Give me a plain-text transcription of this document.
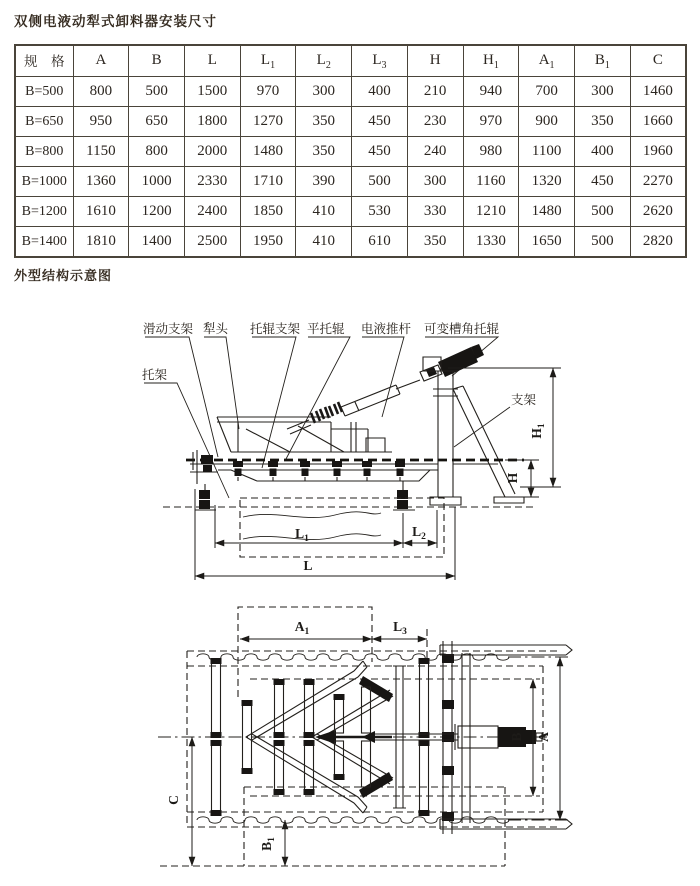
双侧电液动犁式卸料器安装尺寸
规　格	A	B	L	$L_1$	$L_2$	$L_3$	H	$H_1$	$A_1$	$B_1$	C
B=500	800	500	1500	970	300	400	210	940	700	300	1460
B=650	950	650	1800	1270	350	450	230	970	900	350	1660
B=800	1150	800	2000	1480	350	450	240	980	1100	400	1960
B=1000	1360	1000	2330	1710	390	500	300	1160	1320	450	2270
B=1200	1610	1200	2400	1850	410	530	330	1210	1480	500	2620
B=1400	1810	1400	2500	1950	410	610	350	1330	1650	500	2820
外型结构示意图
滑动支架 犁头 托辊支架 平托辊 电液推杆 可变槽角托辊
托架
支架
$L_1$	$L_2$
L
H
$H_1$
$A_1$	$L_3$
B A
C
$B_1$
